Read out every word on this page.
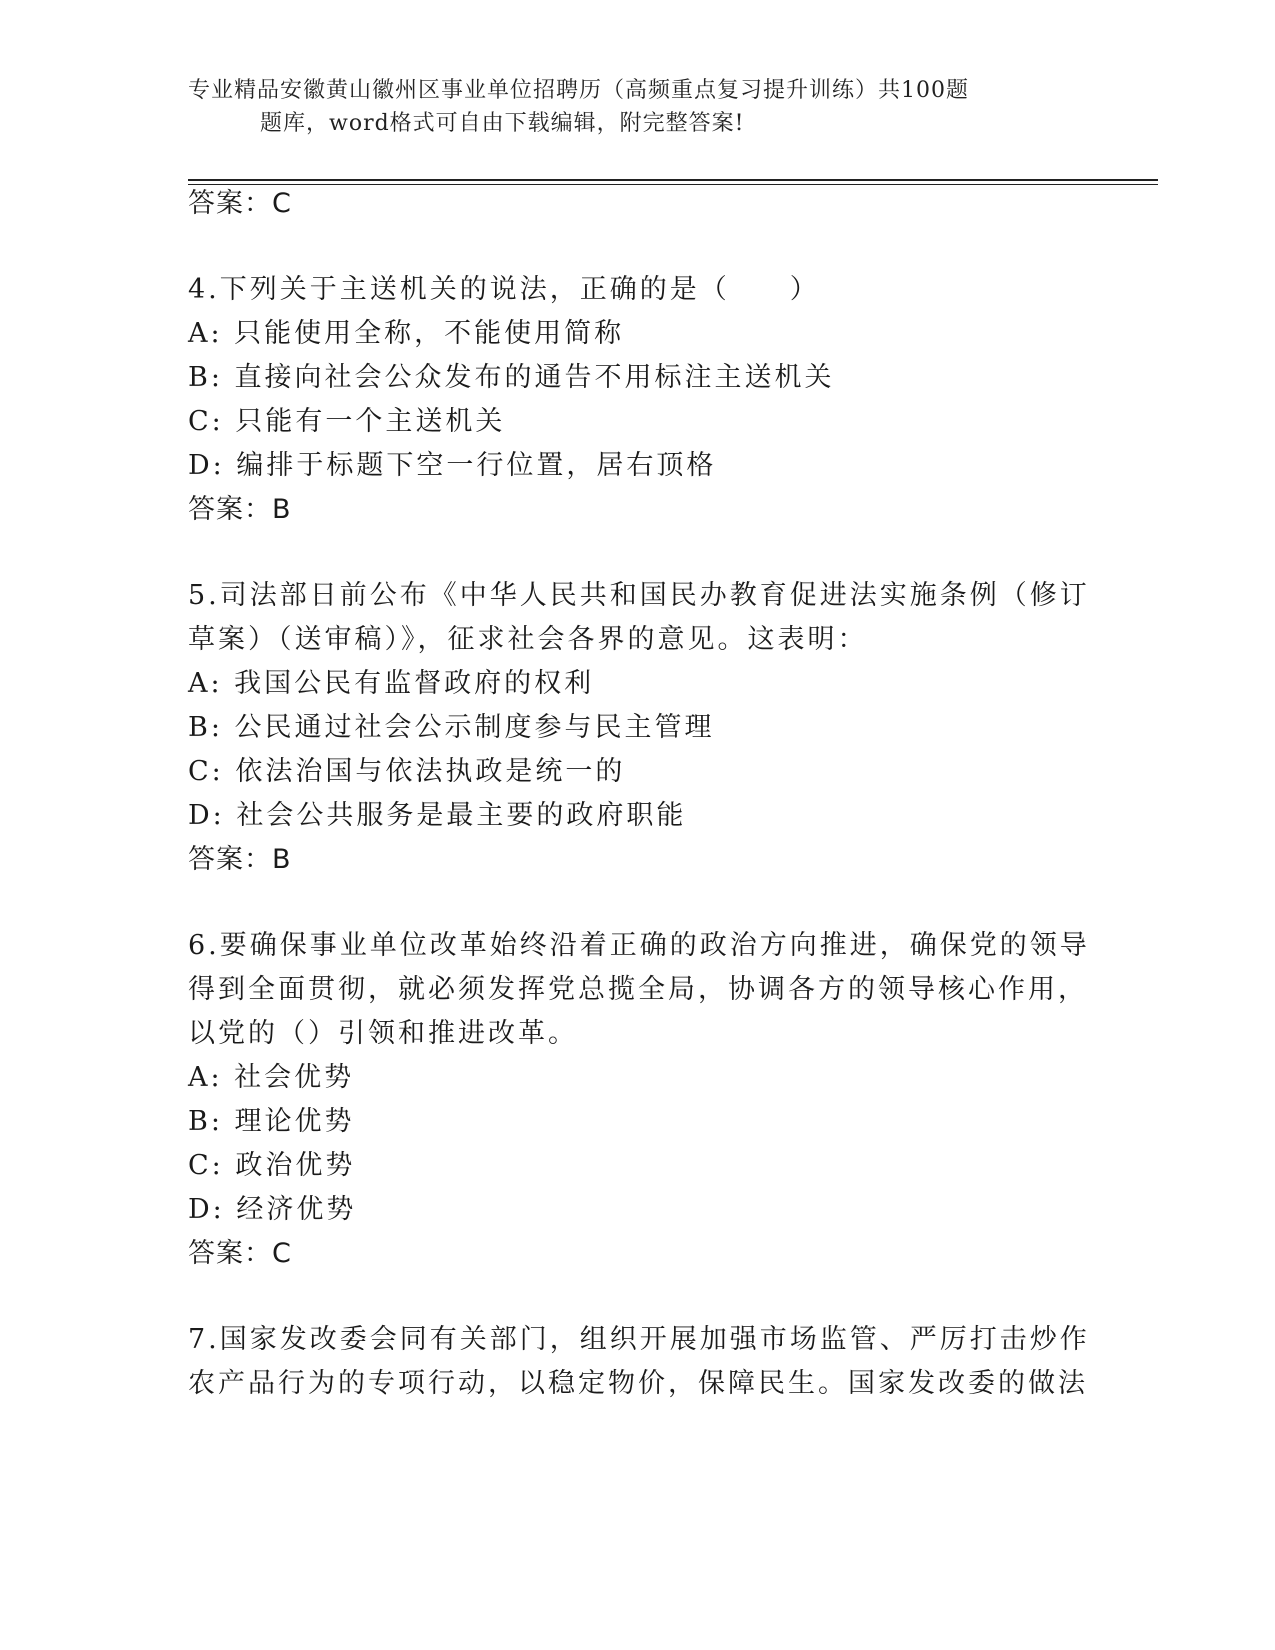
专业精品安徽黄山徽州区事业单位招聘历（高频重点复习提升训练）共100题
题库，word格式可自由下载编辑，附完整答案!
答案：C
4.下列关于主送机关的说法，正确的是（　　）
A: 只能使用全称，不能使用简称
B: 直接向社会公众发布的通告不用标注主送机关
C: 只能有一个主送机关
D: 编排于标题下空一行位置，居右顶格
答案：B
5.司法部日前公布《中华人民共和国民办教育促进法实施条例（修订
草案）（送审稿）》，征求社会各界的意见。这表明：
A: 我国公民有监督政府的权利
B: 公民通过社会公示制度参与民主管理
C: 依法治国与依法执政是统一的
D: 社会公共服务是最主要的政府职能
答案：B
6.要确保事业单位改革始终沿着正确的政治方向推进，确保党的领导
得到全面贯彻，就必须发挥党总揽全局，协调各方的领导核心作用，
以党的（）引领和推进改革。
A: 社会优势
B: 理论优势
C: 政治优势
D: 经济优势
答案：C
7.国家发改委会同有关部门，组织开展加强市场监管、严厉打击炒作
农产品行为的专项行动，以稳定物价，保障民生。国家发改委的做法
